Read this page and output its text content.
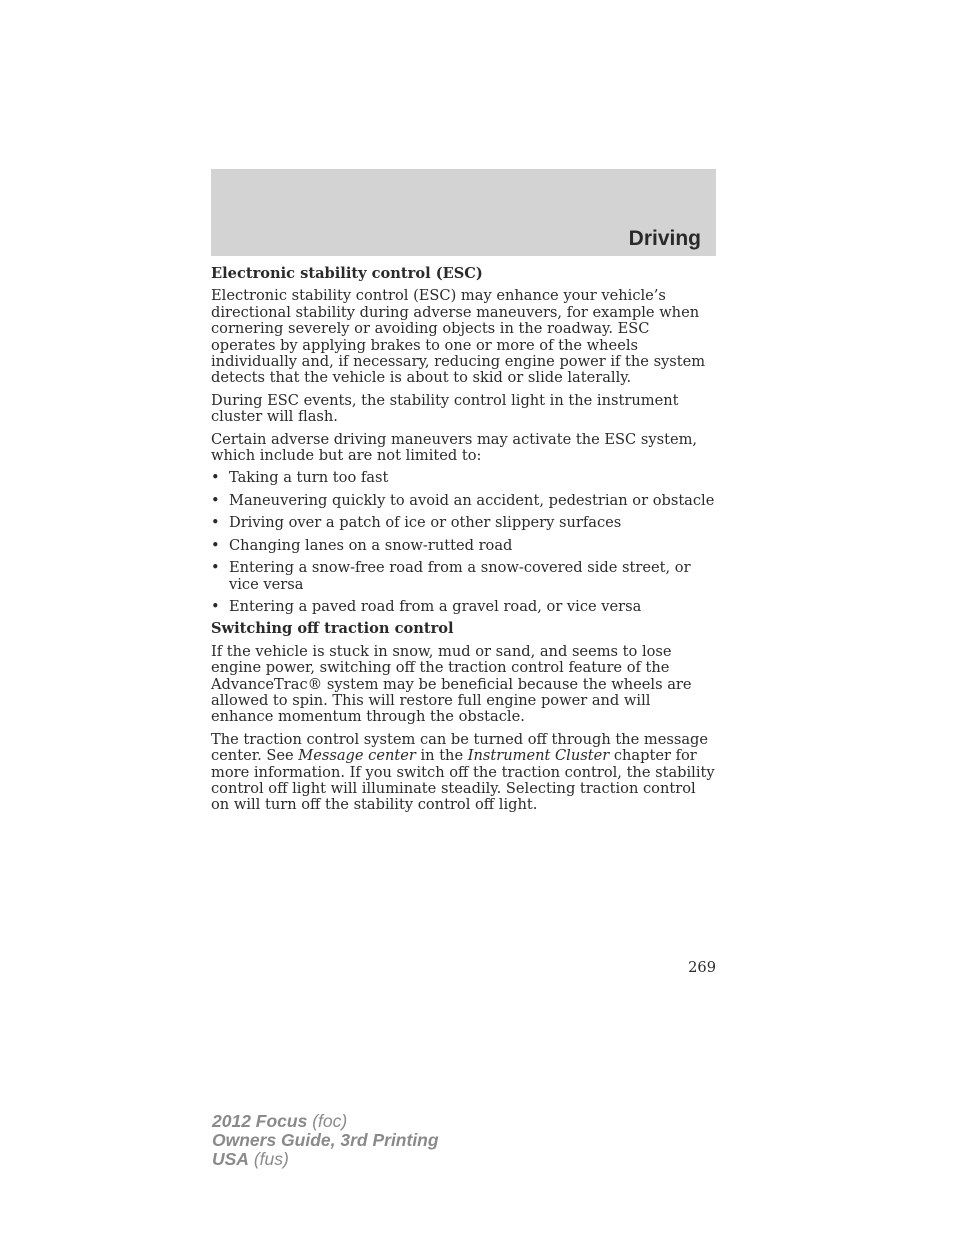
Driving

Electronic stability control (ESC)

Electronic stability control (ESC) may enhance your vehicle’s directional stability during adverse maneuvers, for example when cornering severely or avoiding objects in the roadway. ESC operates by applying brakes to one or more of the wheels individually and, if necessary, reducing engine power if the system detects that the vehicle is about to skid or slide laterally.

During ESC events, the stability control light in the instrument cluster will flash.

Certain adverse driving maneuvers may activate the ESC system, which include but are not limited to:

• Taking a turn too fast
• Maneuvering quickly to avoid an accident, pedestrian or obstacle
• Driving over a patch of ice or other slippery surfaces
• Changing lanes on a snow-rutted road
• Entering a snow-free road from a snow-covered side street, or vice versa
• Entering a paved road from a gravel road, or vice versa

Switching off traction control

If the vehicle is stuck in snow, mud or sand, and seems to lose engine power, switching off the traction control feature of the AdvanceTrac® system may be beneficial because the wheels are allowed to spin. This will restore full engine power and will enhance momentum through the obstacle.

The traction control system can be turned off through the message center. See Message center in the Instrument Cluster chapter for more information. If you switch off the traction control, the stability control off light will illuminate steadily. Selecting traction control on will turn off the stability control off light.

269
2012 Focus (foc)
Owners Guide, 3rd Printing
USA (fus)
